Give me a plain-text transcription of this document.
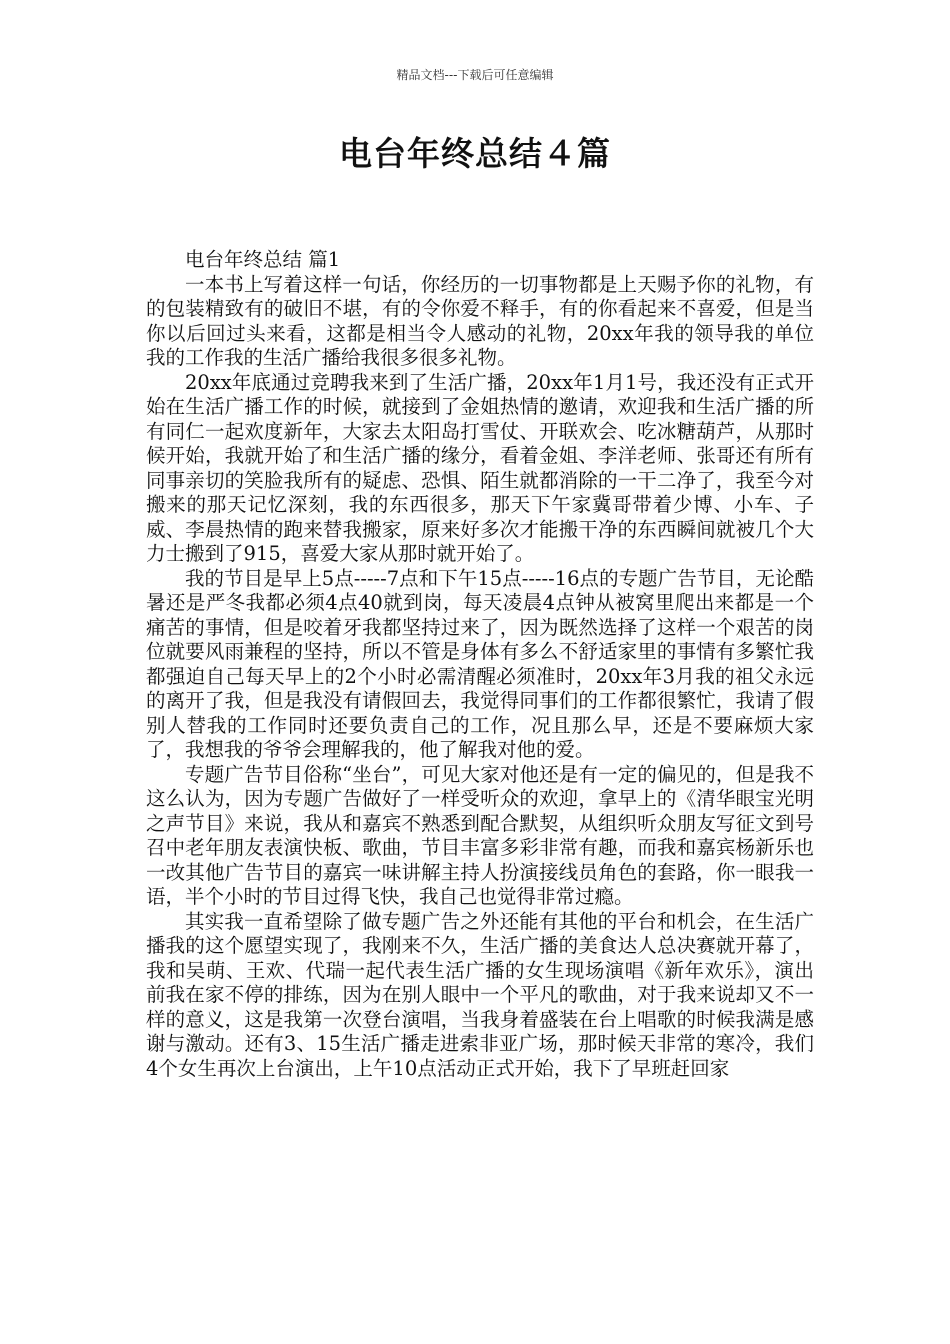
精品文档---下载后可任意编辑
电台年终总结４篇

电台年终总结 篇1

一本书上写着这样一句话，你经历的一切事物都是上天赐予你的礼物，有的包装精致有的破旧不堪，有的令你爱不释手，有的你看起来不喜爱，但是当你以后回过头来看，这都是相当令人感动的礼物，20xx年我的领导我的单位我的工作我的生活广播给我很多很多礼物。

20xx年底通过竞聘我来到了生活广播，20xx年1月1号，我还没有正式开始在生活广播工作的时候，就接到了金姐热情的邀请，欢迎我和生活广播的所有同仁一起欢度新年，大家去太阳岛打雪仗、开联欢会、吃冰糖葫芦，从那时候开始，我就开始了和生活广播的缘分，看着金姐、李洋老师、张哥还有所有同事亲切的笑脸我所有的疑虑、恐惧、陌生就都消除的一干二净了，我至今对搬来的那天记忆深刻，我的东西很多，那天下午家冀哥带着少博、小车、子威、李晨热情的跑来替我搬家，原来好多次才能搬干净的东西瞬间就被几个大力士搬到了915，喜爱大家从那时就开始了。

我的节目是早上5点-----7点和下午15点-----16点的专题广告节目，无论酷暑还是严冬我都必须4点40就到岗，每天凌晨4点钟从被窝里爬出来都是一个痛苦的事情，但是咬着牙我都坚持过来了，因为既然选择了这样一个艰苦的岗位就要风雨兼程的坚持，所以不管是身体有多么不舒适家里的事情有多繁忙我都强迫自己每天早上的2个小时必需清醒必须准时，20xx年3月我的祖父永远的离开了我，但是我没有请假回去，我觉得同事们的工作都很繁忙，我请了假别人替我的工作同时还要负责自己的工作，况且那么早，还是不要麻烦大家了，我想我的爷爷会理解我的，他了解我对他的爱。

专题广告节目俗称“坐台”，可见大家对他还是有一定的偏见的，但是我不这么认为，因为专题广告做好了一样受听众的欢迎，拿早上的《清华眼宝光明之声节目》来说，我从和嘉宾不熟悉到配合默契，从组织听众朋友写征文到号召中老年朋友表演快板、歌曲，节目丰富多彩非常有趣，而我和嘉宾杨新乐也一改其他广告节目的嘉宾一味讲解主持人扮演接线员角色的套路，你一眼我一语，半个小时的节目过得飞快，我自己也觉得非常过瘾。

其实我一直希望除了做专题广告之外还能有其他的平台和机会，在生活广播我的这个愿望实现了，我刚来不久，生活广播的美食达人总决赛就开幕了，我和吴萌、王欢、代瑞一起代表生活广播的女生现场演唱《新年欢乐》，演出前我在家不停的排练，因为在别人眼中一个平凡的歌曲，对于我来说却又不一样的意义，这是我第一次登台演唱，当我身着盛装在台上唱歌的时候我满是感谢与激动。还有3、15生活广播走进索非亚广场，那时候天非常的寒冷，我们4个女生再次上台演出，上午10点活动正式开始，我下了早班赶回家
